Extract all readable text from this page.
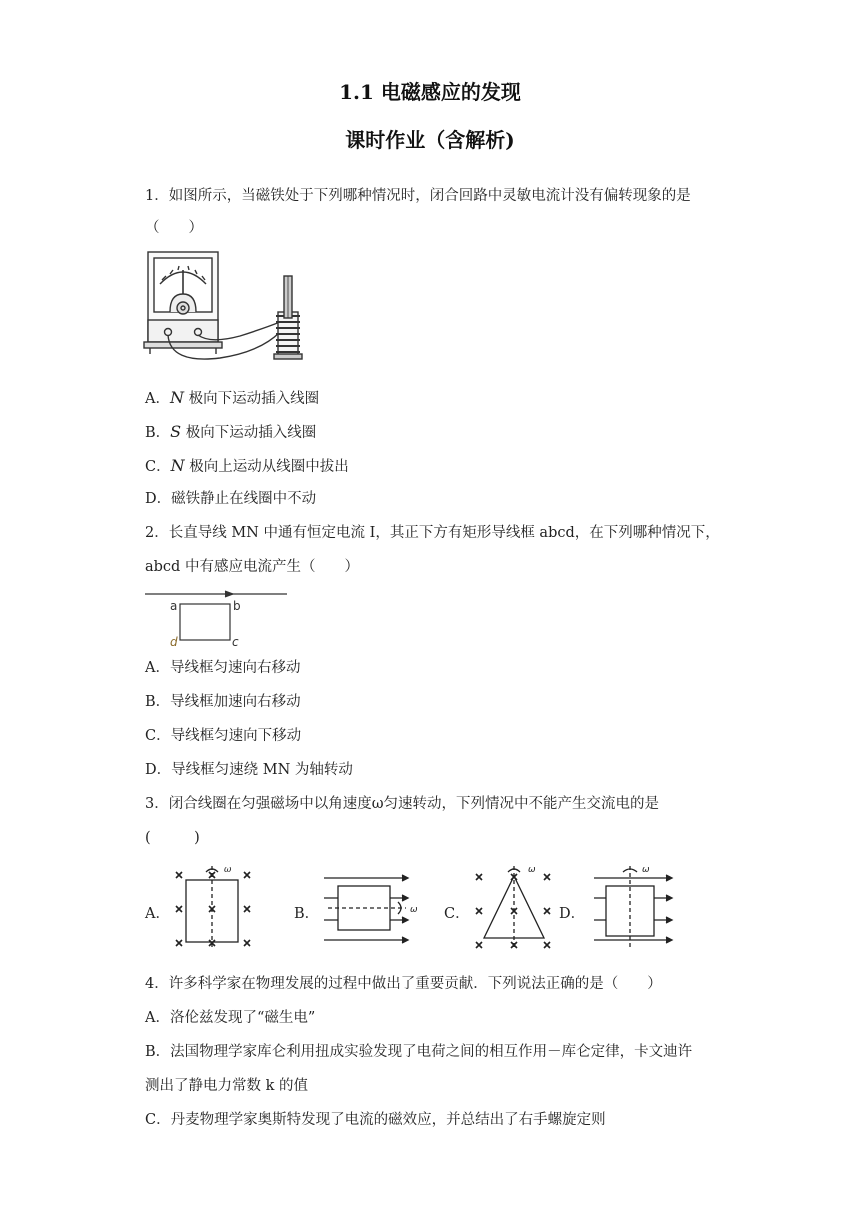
1.1 电磁感应的发现
课时作业（含解析)
1．如图所示，当磁铁处于下列哪种情况时，闭合回路中灵敏电流计没有偏转现象的是
（　　）
A．N 极向下运动插入线圈
B．S 极向下运动插入线圈
C．N 极向上运动从线圈中拔出
D．磁铁静止在线圈中不动
2．长直导线 MN 中通有恒定电流 I，其正下方有矩形导线框 abcd，在下列哪种情况下，
abcd 中有感应电流产生（　　）
a	b
c
d
A．导线框匀速向右移动
B．导线框加速向右移动
C．导线框匀速向下移动
D．导线框匀速绕 MN 为轴转动
3．闭合线圈在匀强磁场中以角速度ω匀速转动，下列情况中不能产生交流电的是
(　　　)
A．
ω
B．	ω C．
ω
D．
ω
4．许多科学家在物理发展的过程中做出了重要贡献．下列说法正确的是（　　）
A．洛伦兹发现了“磁生电”
B．法国物理学家库仑利用扭成实验发现了电荷之间的相互作用－库仑定律，卡文迪许
测出了静电力常数 k 的值
C．丹麦物理学家奥斯特发现了电流的磁效应，并总结出了右手螺旋定则
